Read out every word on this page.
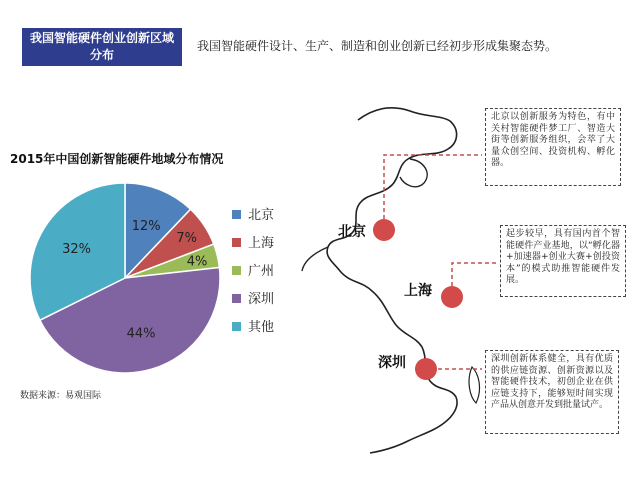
我国智能硬件创业创新区域分布
我国智能硬件设计、生产、制造和创业创新已经初步形成集聚态势。
2015年中国创新智能硬件地域分布情况
12%
7%
4%
44%
32%
北京
上海
广州
深圳
其他
数据来源：易观国际
北京
上海
深圳
北京以创新服务为特色，有中关村智能硬件梦工厂、智造大街等创新服务组织，会萃了大量众创空间、投资机构、孵化器。
起步较早，具有国内首个智能硬件产业基地，以“孵化器+加速器+创业大赛+创投资本”的模式助推智能硬件发展。
深圳创新体系健全，具有优质的供应链资源、创新资源以及智能硬件技术，初创企业在供应链支持下，能够短时间实现产品从创意开发到批量试产。
